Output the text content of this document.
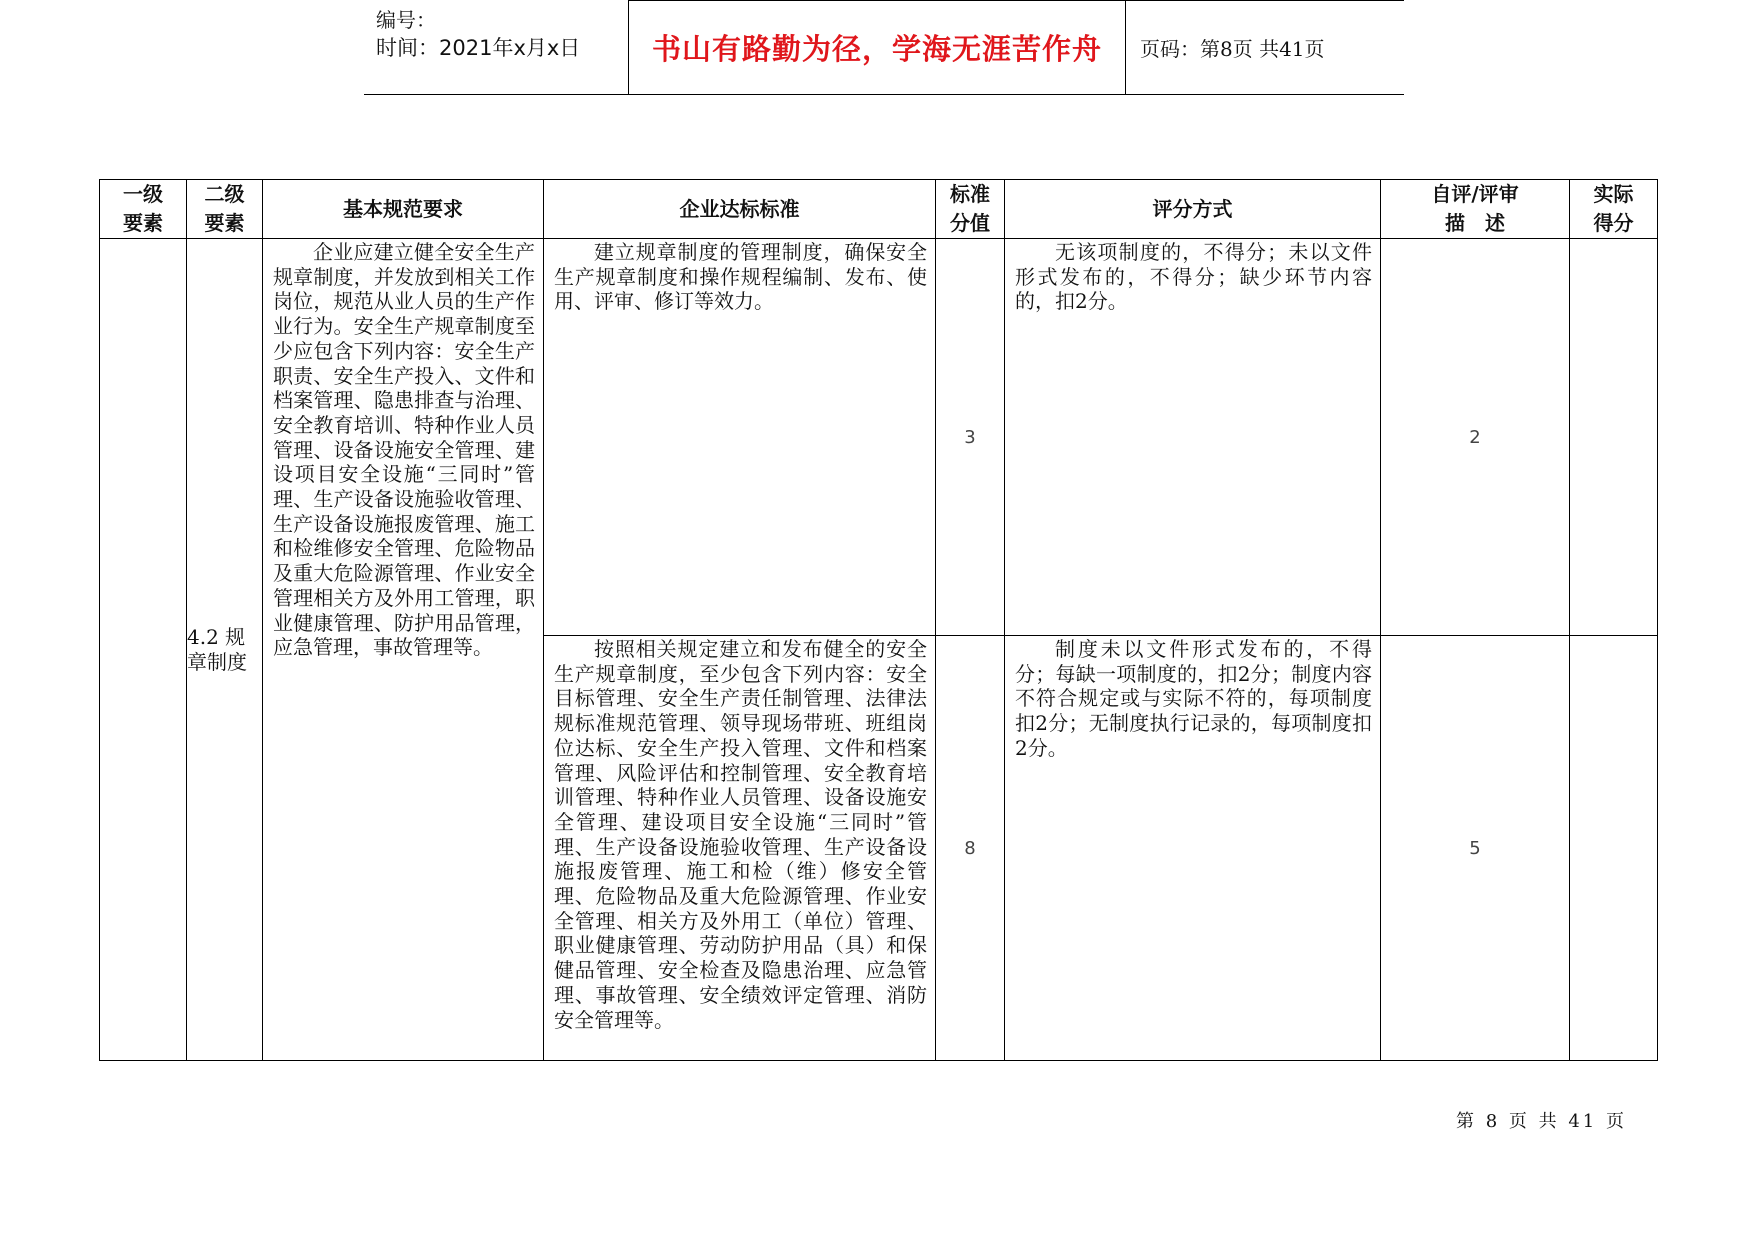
编号：
时间：2021年x月x日 书山有路勤为径，学海无涯苦作舟 页码：第8页 共41页
一级要素	二级要素	基本规范要求	企业达标标准	标准分值	评分方式	自评/评审描　述	实际得分
	4.2 规章制度	企业应建立健全安全生产规章制度，并发放到相关工作岗位，规范从业人员的生产作业行为。安全生产规章制度至少应包含下列内容：安全生产职责、安全生产投入、文件和档案管理、隐患排查与治理、安全教育培训、特种作业人员管理、设备设施安全管理、建设项目安全设施“三同时”管理、生产设备设施验收管理、生产设备设施报废管理、施工和检维修安全管理、危险物品及重大危险源管理、作业安全管理相关方及外用工管理，职业健康管理、防护用品管理，应急管理，事故管理等。	建立规章制度的管理制度，确保安全生产规章制度和操作规程编制、发布、使用、评审、修订等效力。	3	无该项制度的，不得分；未以文件形式发布的，不得分；缺少环节内容的，扣2分。	2	

			按照相关规定建立和发布健全的安全生产规章制度，至少包含下列内容：安全目标管理、安全生产责任制管理、法律法规标准规范管理、领导现场带班、班组岗位达标、安全生产投入管理、文件和档案管理、风险评估和控制管理、安全教育培训管理、特种作业人员管理、设备设施安全管理、建设项目安全设施“三同时”管理、生产设备设施验收管理、生产设备设施报废管理、施工和检（维）修安全管理、危险物品及重大危险源管理、作业安全管理、相关方及外用工（单位）管理、职业健康管理、劳动防护用品（具）和保健品管理、安全检查及隐患治理、应急管理、事故管理、安全绩效评定管理、消防安全管理等。	8	制度未以文件形式发布的，不得分；每缺一项制度的，扣2分；制度内容不符合规定或与实际不符的，每项制度扣2分；无制度执行记录的，每项制度扣2分。	5	
第 8 页 共 41 页
